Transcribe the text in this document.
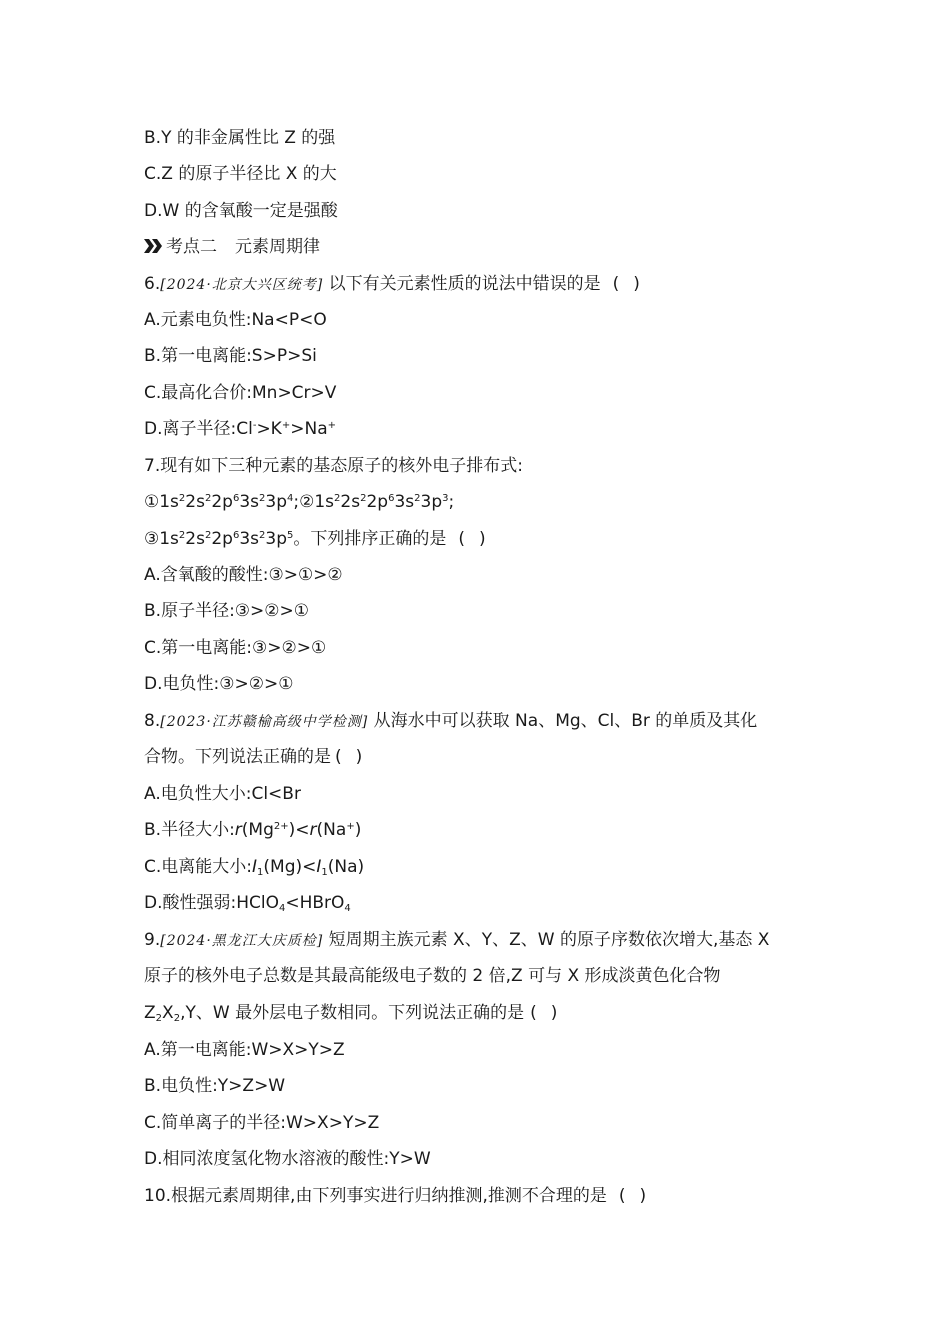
B.Y 的非金属性比 Z 的强
C.Z 的原子半径比 X 的大
D.W 的含氧酸一定是强酸
考点二 元素周期律
6.[2024·北京大兴区统考] 以下有关元素性质的说法中错误的是 ()
A.元素电负性:Na<P<O
B.第一电离能:S>P>Si
C.最高化合价:Mn>Cr>V
D.离子半径:Cl->K+>Na+
7.现有如下三种元素的基态原子的核外电子排布式:
$①1s^22s^22p^63s^23p^4;②1s^22s^22p^63s^23p^3$;
$③1s^22s^22p^63s^23p^5$。下列排序正确的是 ()
A.含氧酸的酸性:③>①>②
B.原子半径:③>②>①
C.第一电离能:③>②>①
D.电负性:③>②>①
8.[2023·江苏赣榆高级中学检测] 从海水中可以获取 Na、Mg、Cl、Br 的单质及其化
合物。下列说法正确的是 ()
A.电负性大小:Cl<Br
B.半径大小$:r(Mg^{2+})<r(Na^+)$
C.电离能大小$:I_1(Mg)<I_1(Na)$
D.酸性强弱:HClO$_4$<HBrO$_4$
9.[2024·黑龙江大庆质检] 短周期主族元素 X、Y、Z、W 的原子序数依次增大,基态 X
原子的核外电子总数是其最高能级电子数的 2 倍,Z 可与 X 形成淡黄色化合物
$Z_2X_2,Y$、W 最外层电子数相同。下列说法正确的是 ()
A.第一电离能:W>X>Y>Z
B.电负性:Y>Z>W
C.简单离子的半径:W>X>Y>Z
D.相同浓度氢化物水溶液的酸性:Y>W
10.根据元素周期律,由下列事实进行归纳推测,推测不合理的是 ()
